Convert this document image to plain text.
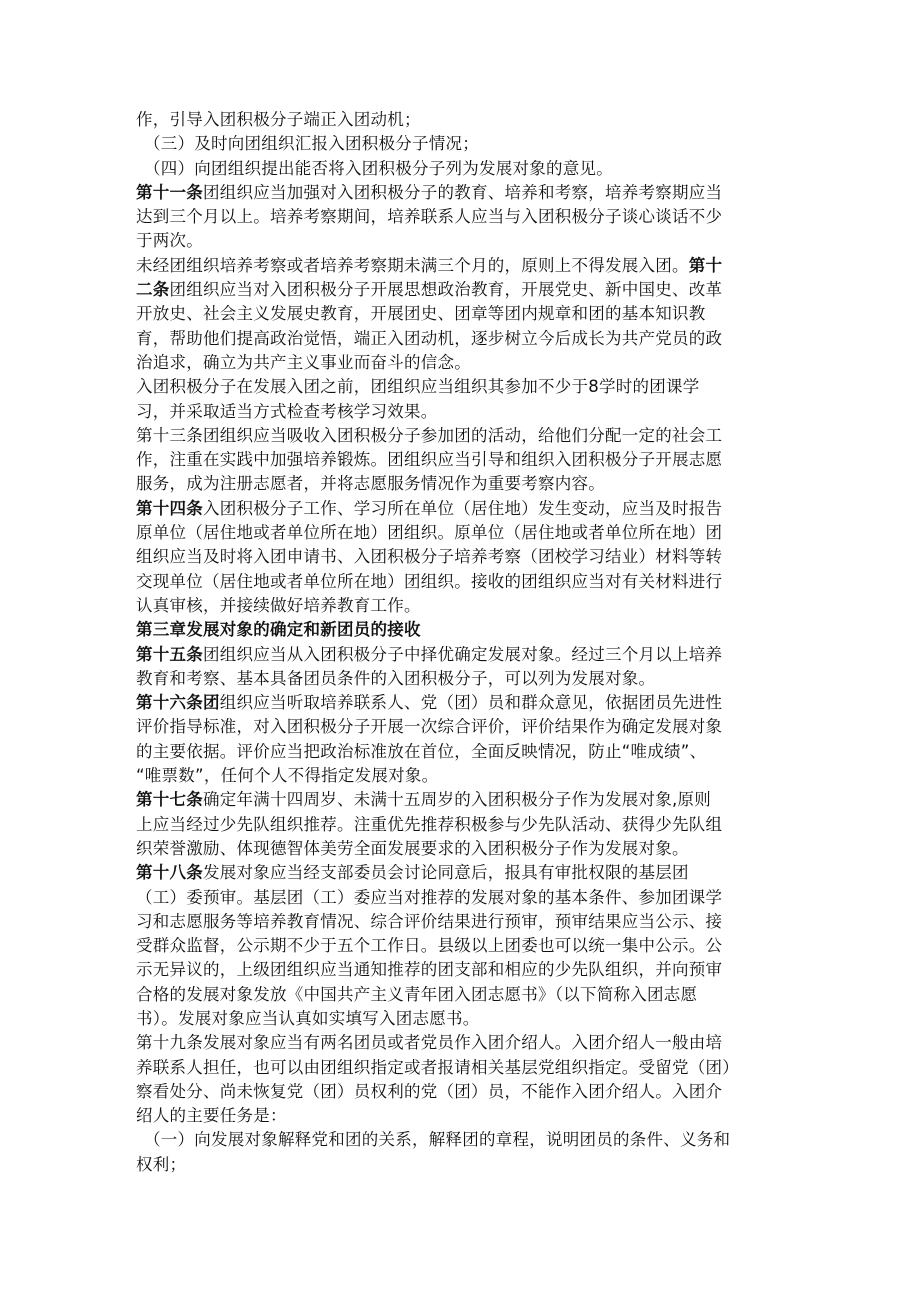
作，引导入团积极分子端正入团动机；
（三）及时向团组织汇报入团积极分子情况；
（四）向团组织提出能否将入团积极分子列为发展对象的意见。
第十一条团组织应当加强对入团积极分子的教育、培养和考察，培养考察期应当
达到三个月以上。培养考察期间，培养联系人应当与入团积极分子谈心谈话不少
于两次。
未经团组织培养考察或者培养考察期未满三个月的，原则上不得发展入团。第十
二条团组织应当对入团积极分子开展思想政治教育，开展党史、新中国史、改革
开放史、社会主义发展史教育，开展团史、团章等团内规章和团的基本知识教
育，帮助他们提高政治觉悟，端正入团动机，逐步树立今后成长为共产党员的政
治追求，确立为共产主义事业而奋斗的信念。
入团积极分子在发展入团之前，团组织应当组织其参加不少于8学时的团课学
习，并采取适当方式检查考核学习效果。
第十三条团组织应当吸收入团积极分子参加团的活动，给他们分配一定的社会工
作，注重在实践中加强培养锻炼。团组织应当引导和组织入团积极分子开展志愿
服务，成为注册志愿者，并将志愿服务情况作为重要考察内容。
第十四条入团积极分子工作、学习所在单位（居住地）发生变动，应当及时报告
原单位（居住地或者单位所在地）团组织。原单位（居住地或者单位所在地）团
组织应当及时将入团申请书、入团积极分子培养考察（团校学习结业）材料等转
交现单位（居住地或者单位所在地）团组织。接收的团组织应当对有关材料进行
认真审核，并接续做好培养教育工作。
第三章发展对象的确定和新团员的接收
第十五条团组织应当从入团积极分子中择优确定发展对象。经过三个月以上培养
教育和考察、基本具备团员条件的入团积极分子，可以列为发展对象。
第十六条团组织应当听取培养联系人、党（团）员和群众意见，依据团员先进性
评价指导标准，对入团积极分子开展一次综合评价，评价结果作为确定发展对象
的主要依据。评价应当把政治标准放在首位，全面反映情况，防止“唯成绩”、
“唯票数”，任何个人不得指定发展对象。
第十七条确定年满十四周岁、未满十五周岁的入团积极分子作为发展对象,原则
上应当经过少先队组织推荐。注重优先推荐积极参与少先队活动、获得少先队组
织荣誉激励、体现德智体美劳全面发展要求的入团积极分子作为发展对象。
第十八条发展对象应当经支部委员会讨论同意后，报具有审批权限的基层团
（工）委预审。基层团（工）委应当对推荐的发展对象的基本条件、参加团课学
习和志愿服务等培养教育情况、综合评价结果进行预审，预审结果应当公示、接
受群众监督，公示期不少于五个工作日。县级以上团委也可以统一集中公示。公
示无异议的，上级团组织应当通知推荐的团支部和相应的少先队组织，并向预审
合格的发展对象发放《中国共产主义青年团入团志愿书》（以下简称入团志愿
书）。发展对象应当认真如实填写入团志愿书。
第十九条发展对象应当有两名团员或者党员作入团介绍人。入团介绍人一般由培
养联系人担任，也可以由团组织指定或者报请相关基层党组织指定。受留党（团）
察看处分、尚未恢复党（团）员权利的党（团）员，不能作入团介绍人。入团介
绍人的主要任务是：
（一）向发展对象解释党和团的关系，解释团的章程，说明团员的条件、义务和
权利；
